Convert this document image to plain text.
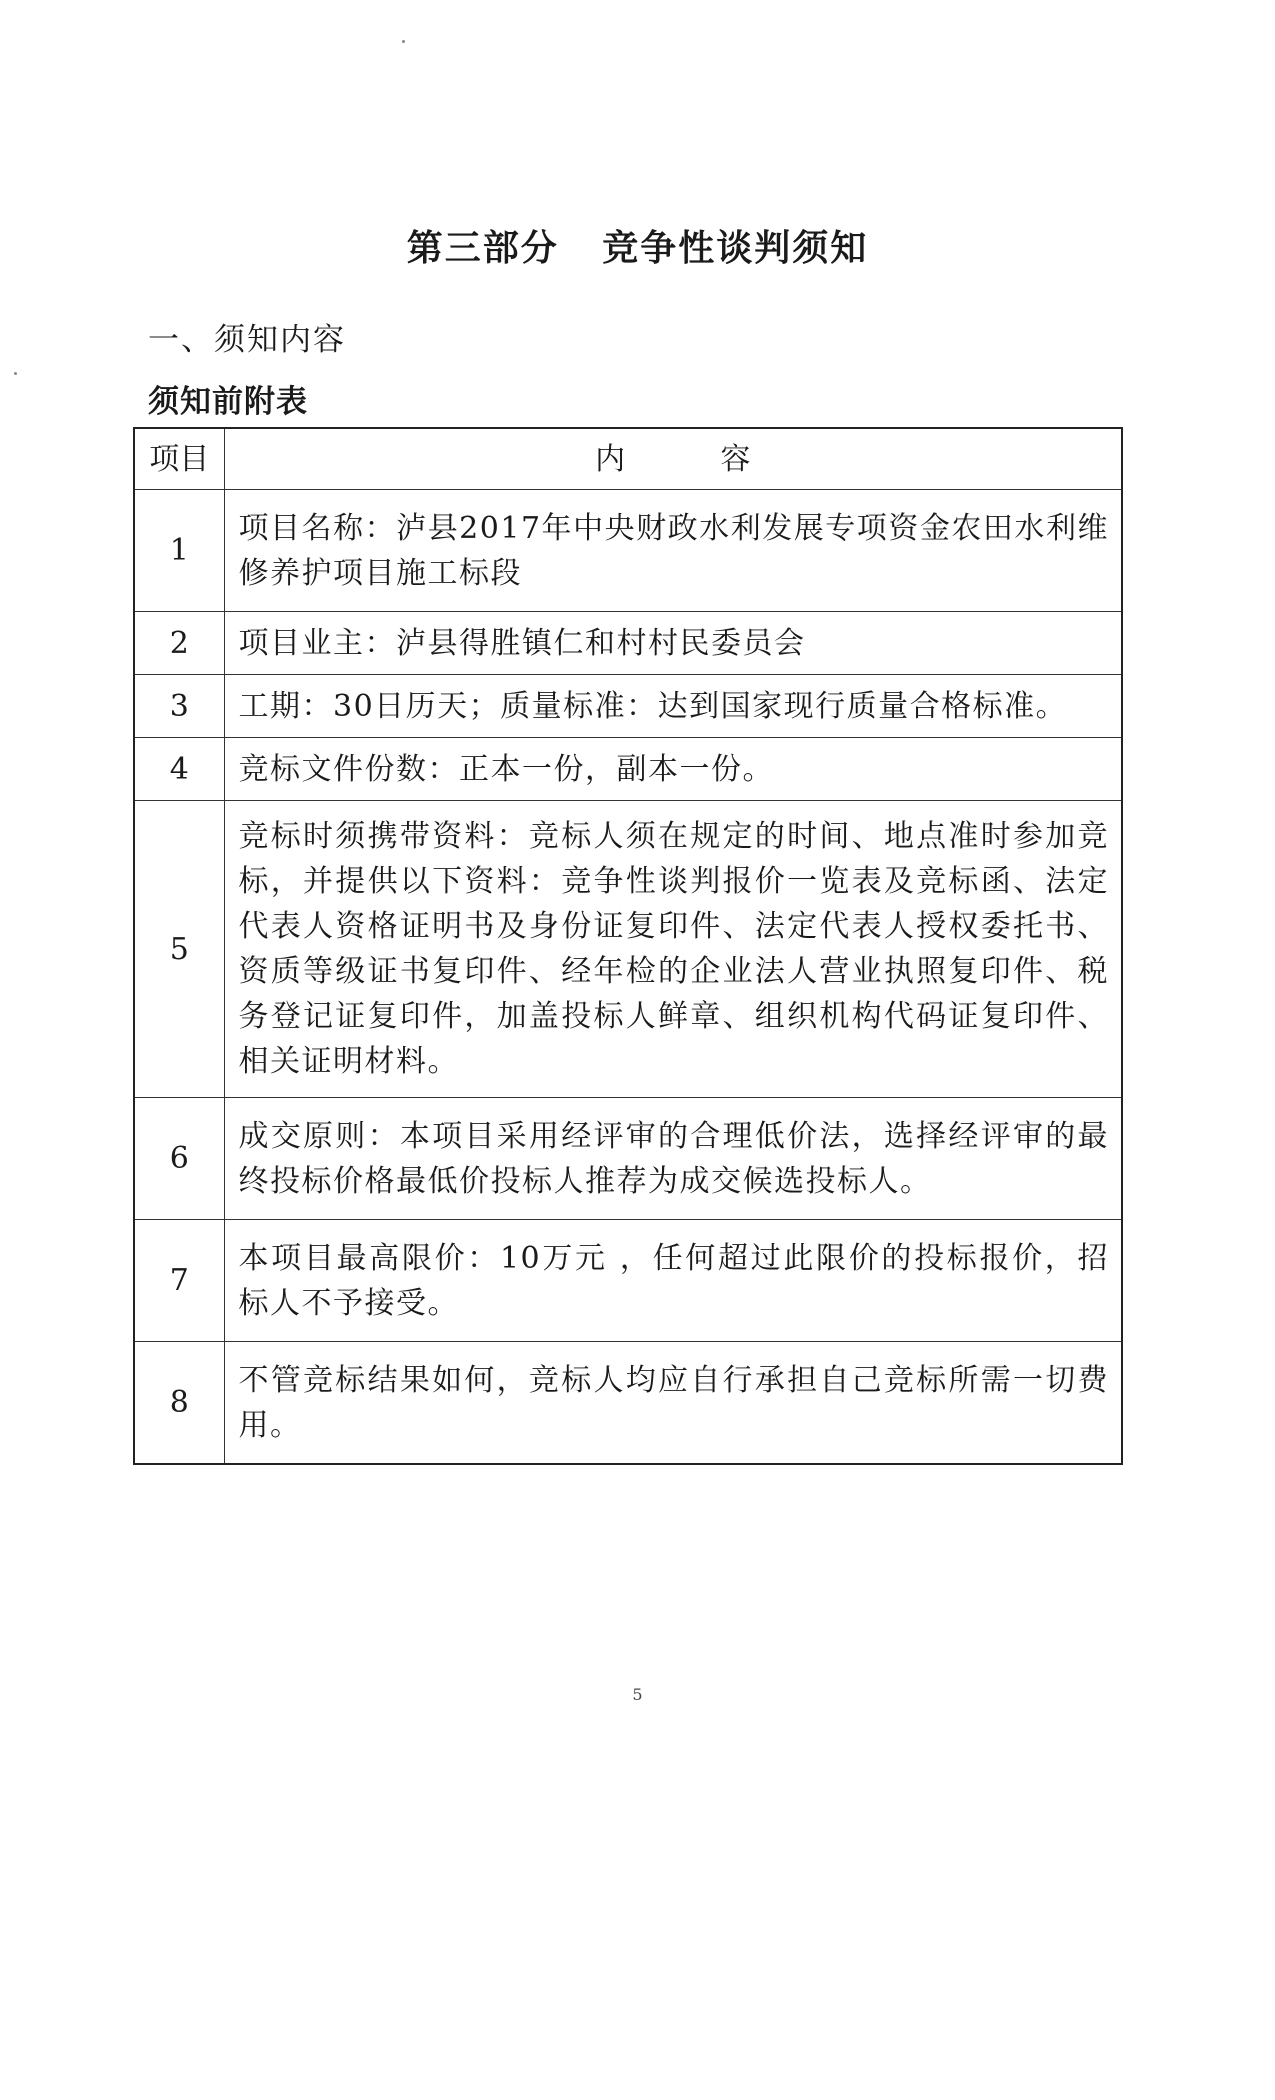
第三部分   竞争性谈判须知
一、须知内容
须知前附表
项目	内          容
1	项目名称：泸县2017年中央财政水利发展专项资金农田水利维修养护项目施工标段
2	项目业主：泸县得胜镇仁和村村民委员会
3	工期：30日历天；质量标准：达到国家现行质量合格标准。
4	竞标文件份数：正本一份，副本一份。
5	竞标时须携带资料：竞标人须在规定的时间、地点准时参加竞标，并提供以下资料：竞争性谈判报价一览表及竞标函、法定代表人资格证明书及身份证复印件、法定代表人授权委托书、资质等级证书复印件、经年检的企业法人营业执照复印件、税务登记证复印件，加盖投标人鲜章、组织机构代码证复印件、相关证明材料。
6	成交原则：本项目采用经评审的合理低价法，选择经评审的最终投标价格最低价投标人推荐为成交候选投标人。
7	本项目最高限价：10万元 ，任何超过此限价的投标报价，招标人不予接受。
8	不管竞标结果如何，竞标人均应自行承担自己竞标所需一切费用。
5
